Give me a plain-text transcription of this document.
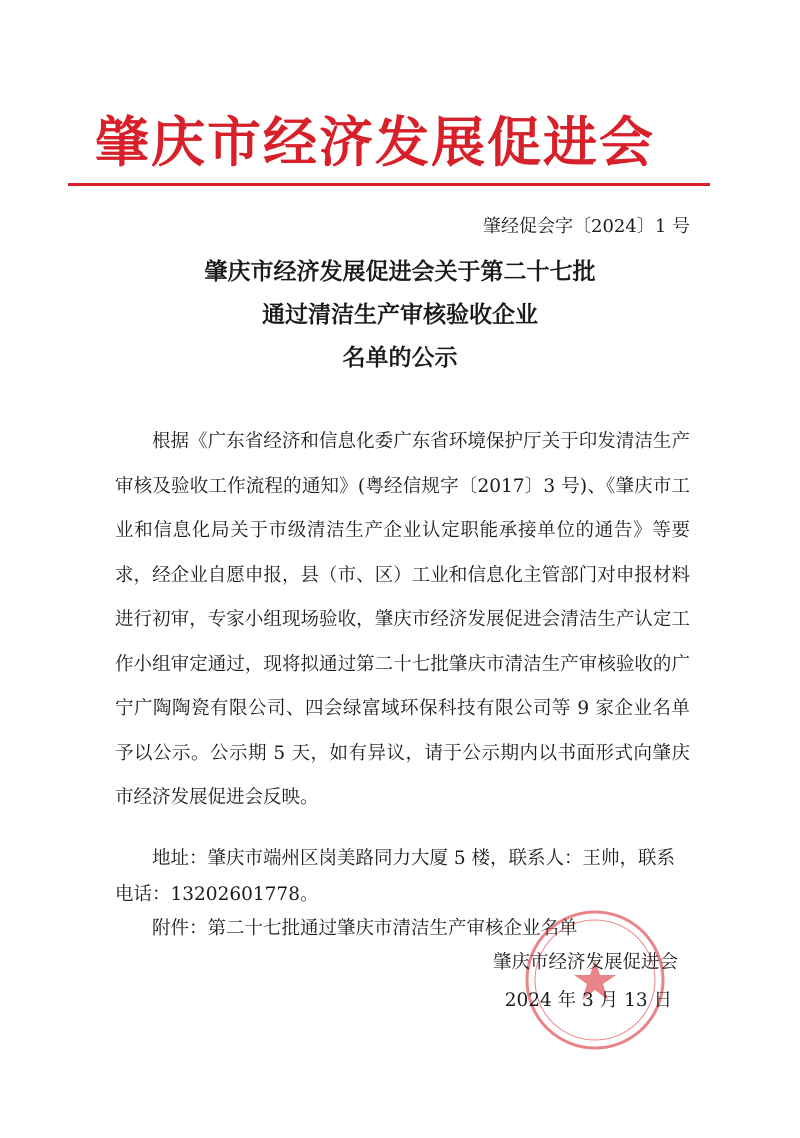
肇庆市经济发展促进会
肇经促会字〔2024〕1 号
肇庆市经济发展促进会关于第二十七批
通过清洁生产审核验收企业
名单的公示
根据《广东省经济和信息化委广东省环境保护厅关于印发清洁生产审核及验收工作流程的通知》(粤经信规字〔2017〕3 号)、《肇庆市工业和信息化局关于市级清洁生产企业认定职能承接单位的通告》等要求，经企业自愿申报，县（市、区）工业和信息化主管部门对申报材料进行初审，专家小组现场验收，肇庆市经济发展促进会清洁生产认定工作小组审定通过，现将拟通过第二十七批肇庆市清洁生产审核验收的广宁广陶陶瓷有限公司、四会绿富域环保科技有限公司等 9 家企业名单予以公示。公示期 5 天，如有异议，请于公示期内以书面形式向肇庆市经济发展促进会反映。
地址：肇庆市端州区岗美路同力大厦 5 楼，联系人：王帅，联系电话：13202601778。
附件：第二十七批通过肇庆市清洁生产审核企业名单
肇庆市经济发展促进会
2024 年 3 月 13 日
